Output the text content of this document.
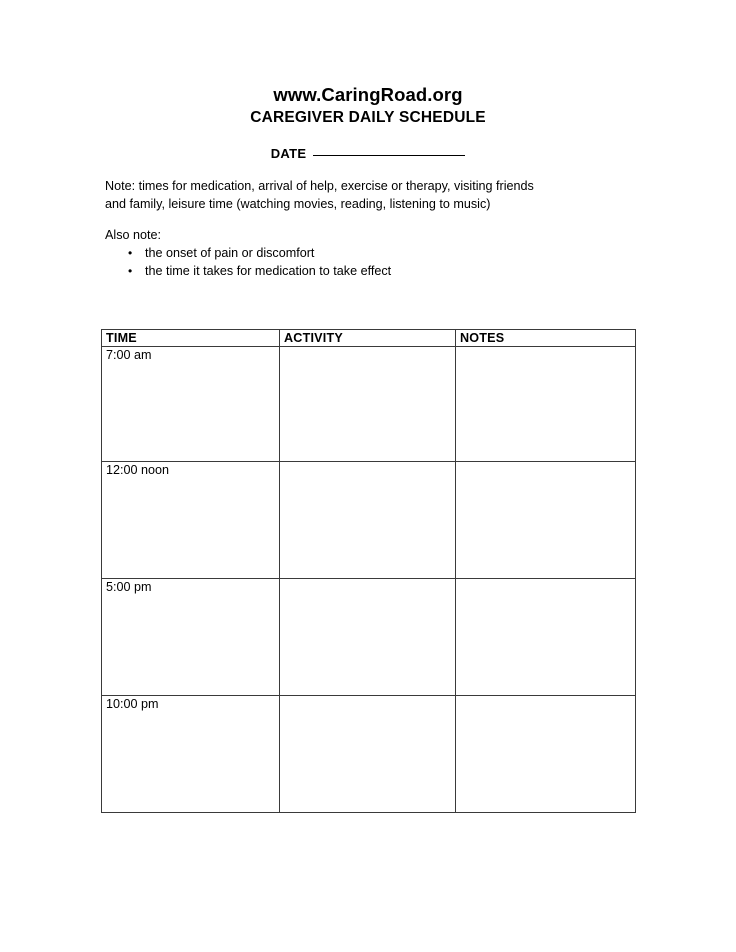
www.CaringRoad.org
CAREGIVER DAILY SCHEDULE
DATE
Note: times for medication, arrival of help, exercise or therapy, visiting friends
and family, leisure time (watching movies, reading, listening to music)
Also note:
• the onset of pain or discomfort
• the time it takes for medication to take effect
TIME	ACTIVITY	NOTES
7:00 am		
12:00 noon		
5:00 pm		
10:00 pm		
